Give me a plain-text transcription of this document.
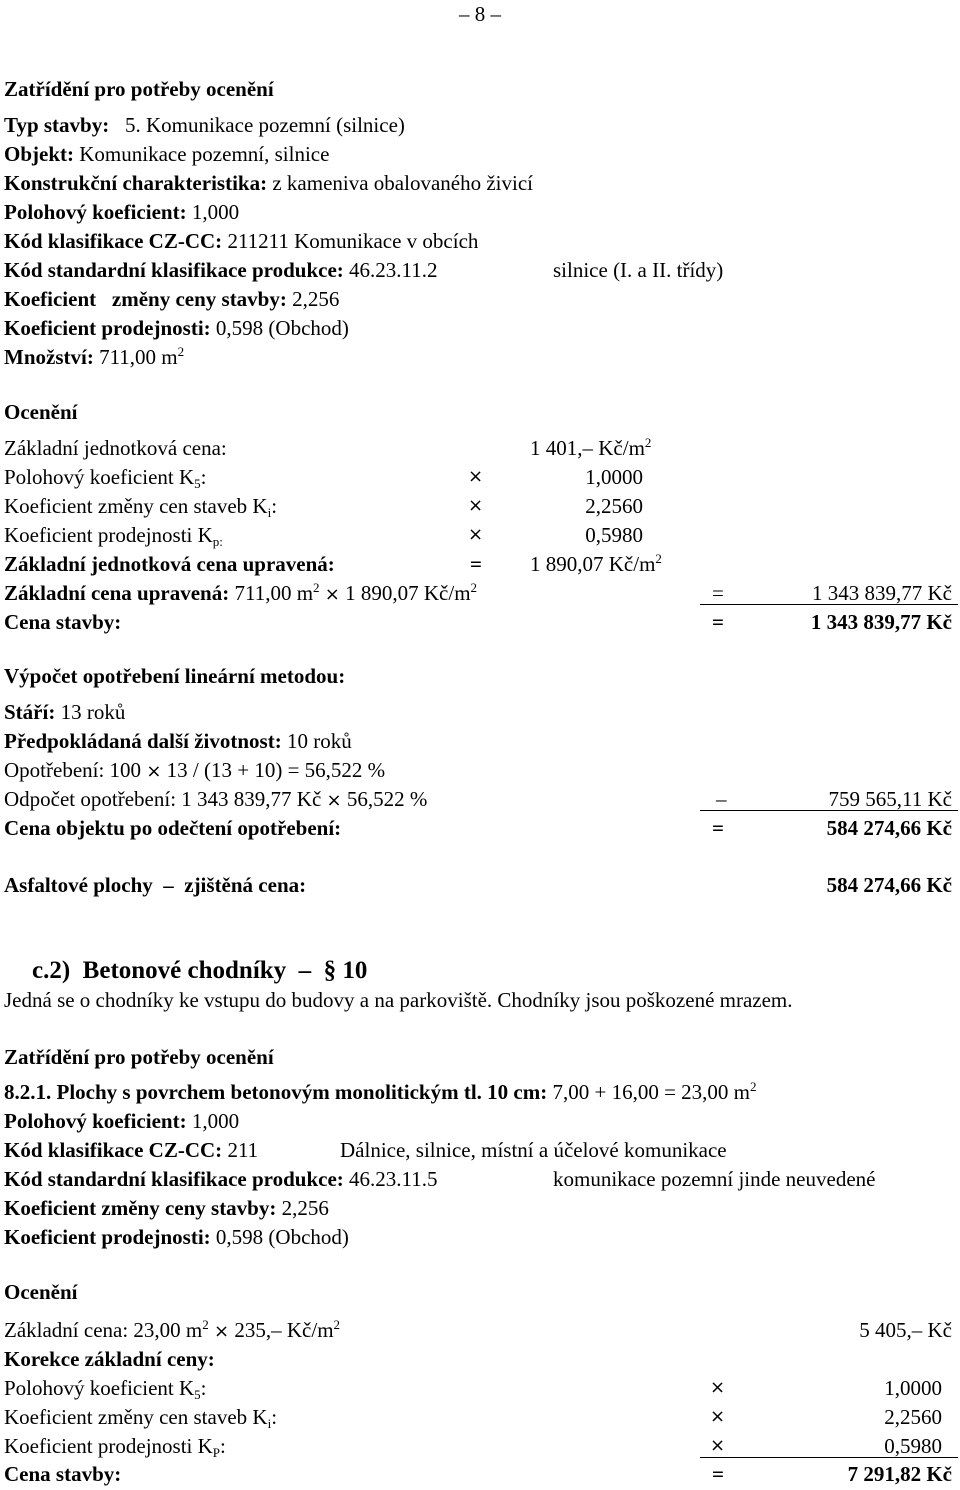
– 8 –
Zatřídění pro potřeby ocenění
Typ stavby: 5. Komunikace pozemní (silnice)
Objekt: Komunikace pozemní, silnice
Konstrukční charakteristika: z kameniva obalovaného živicí
Polohový koeficient: 1,000
Kód klasifikace CZ-CC: 211211 Komunikace v obcích
Kód standardní klasifikace produkce: 46.23.11.2	silnice (I. a II. třídy)
Koeficient   změny ceny stavby: 2,256
Koeficient prodejnosti: 0,598 (Obchod)
Množství: 711,00 $m^2$
Ocenění
Základní jednotková cena:	1 401,– $Kč/m^2$
Polohový koeficient $K_5$:	×	1,0000
Koeficient změny cen staveb $K_i$:	×	2,2560
Koeficient prodejnosti $K_{p:}$	×	0,5980
Základní jednotková cena upravená:	= 1 890,07 $Kč/m^2$
Základní cena upravená: 711,00 $m^2 \times 1$ 890,07 $Kč/m^2$	=	1 343 839,77 Kč
Cena stavby:	=	1 343 839,77 Kč
Výpočet opotřebení lineární metodou:
Stáří: 13 roků
Předpokládaná další životnost: 10 roků
Opotřebení: 100 × 13 / (13 + 10) = 56,522 %
Odpočet opotřebení: 1 343 839,77 Kč × 56,522 %	–	759 565,11 Kč
Cena objektu po odečtení opotřebení:	=	584 274,66 Kč
Asfaltové plochy  –  zjištěná cena:	584 274,66 Kč
c.2)  Betonové chodníky  –  § 10
Jedná se o chodníky ke vstupu do budovy a na parkoviště. Chodníky jsou poškozené mrazem.
Zatřídění pro potřeby ocenění
8.2.1. Plochy s povrchem betonovým monolitickým tl. 10 cm: 7,00 + 16,00 = 23,00 $m^2$
Polohový koeficient: 1,000
Kód klasifikace CZ-CC: 211	Dálnice, silnice, místní a účelové komunikace
Kód standardní klasifikace produkce: 46.23.11.5	komunikace pozemní jinde neuvedené
Koeficient změny ceny stavby: 2,256
Koeficient prodejnosti: 0,598 (Obchod)
Ocenění
Základní cena: 23,00 $m^2 \times 235,-$ $Kč/m^2$	5 405,– Kč
Korekce základní ceny:
Polohový koeficient $K_5$:	×	1,0000
Koeficient změny cen staveb $K_i$:	×	2,2560
Koeficient prodejnosti $K_P$:	×	0,5980
Cena stavby:	=	7 291,82 Kč
